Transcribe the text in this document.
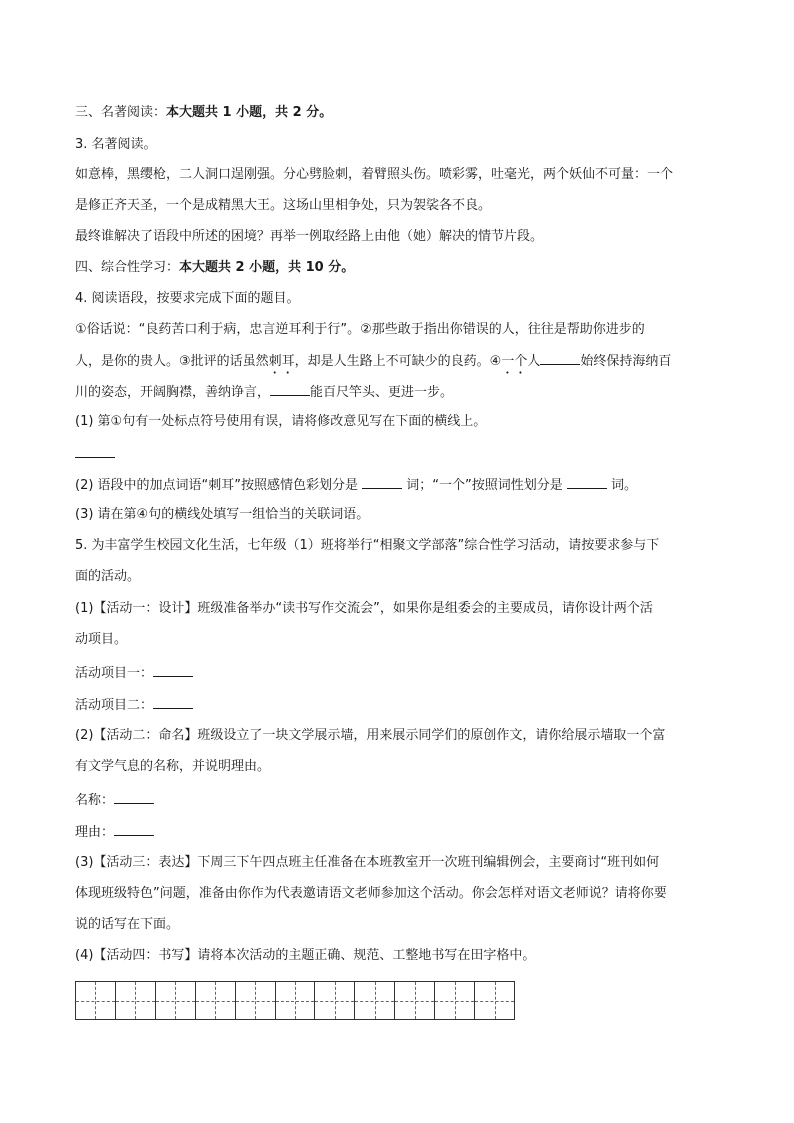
三、名著阅读：本大题共 1 小题，共 2 分。
3. 名著阅读。
如意棒，黑缨枪，二人洞口逞刚强。分心劈脸刺，着臂照头伤。喷彩雾，吐毫光，两个妖仙不可量：一个
是修正齐天圣，一个是成精黑大王。这场山里相争处，只为袈裟各不良。
最终谁解决了语段中所述的困境？再举一例取经路上由他（她）解决的情节片段。
四、综合性学习：本大题共 2 小题，共 10 分。
4. 阅读语段，按要求完成下面的题目。
①俗话说：“良药苦口利于病，忠言逆耳利于行”。②那些敢于指出你错误的人，往往是帮助你进步的
人，是你的贵人。③批评的话虽然刺耳，却是人生路上不可缺少的良药。④一个人	始终保持海纳百
川的姿态，开阔胸襟，善纳诤言，	能百尺竿头、更进一步。
(1) 第①句有一处标点符号使用有误，请将修改意见写在下面的横线上。
(2) 语段中的加点词语“刺耳”按照感情色彩划分是	词；“一个”按照词性划分是	词。
(3) 请在第④句的横线处填写一组恰当的关联词语。
5. 为丰富学生校园文化生活，七年级（1）班将举行“相聚文学部落”综合性学习活动，请按要求参与下
面的活动。
(1)【活动一：设计】班级准备举办“读书写作交流会”，如果你是组委会的主要成员，请你设计两个活
动项目。
活动项目一：
活动项目二：
(2)【活动二：命名】班级设立了一块文学展示墙，用来展示同学们的原创作文，请你给展示墙取一个富
有文学气息的名称，并说明理由。
名称：
理由：
(3)【活动三：表达】下周三下午四点班主任准备在本班教室开一次班刊编辑例会，主要商讨“班刊如何
体现班级特色”问题，准备由你作为代表邀请语文老师参加这个活动。你会怎样对语文老师说？请将你要
说的话写在下面。
(4)【活动四：书写】请将本次活动的主题正确、规范、工整地书写在田字格中。
